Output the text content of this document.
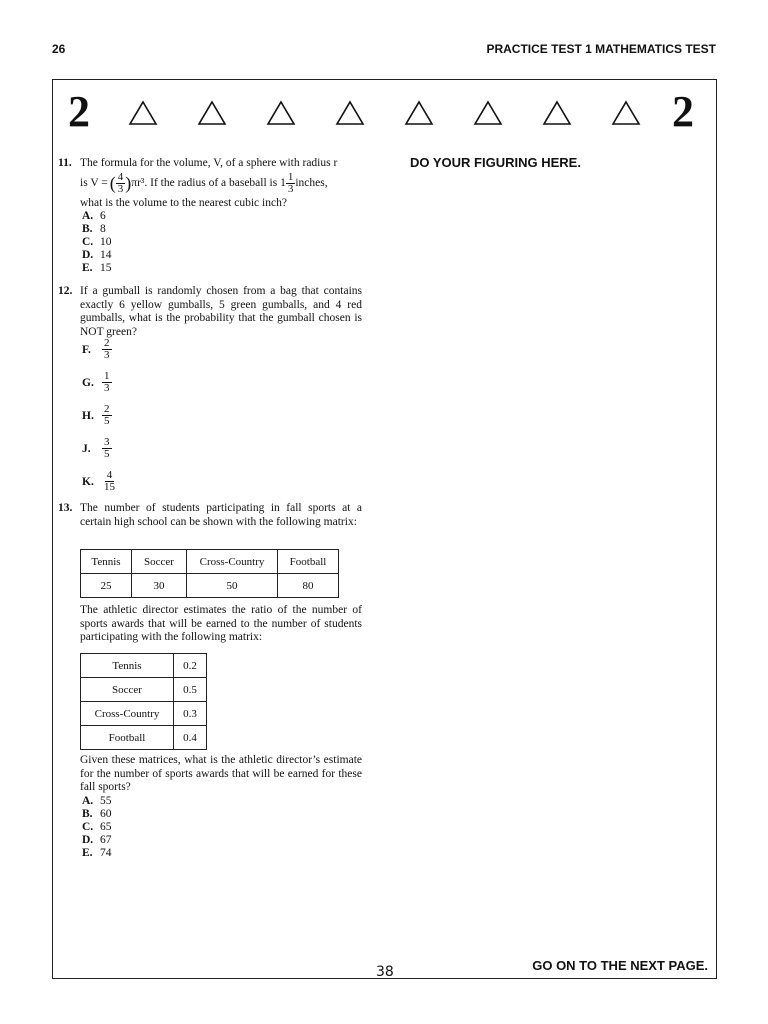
26	PRACTICE TEST 1 MATHEMATICS TEST
2	2
DO YOUR FIGURING HERE.
11. The formula for the volume, V, of a sphere with radius r
is V = ( $\frac{4}{3}$ ) πr³. If the radius of a baseball is $1 \frac{1}{3}$ inches,
what is the volume to the nearest cubic inch?
A. 6
B. 8
C. 10
D. 14
E. 15
12. If a gumball is randomly chosen from a bag that contains exactly 6 yellow gumballs, 5 green gumballs, and 4 red gumballs, what is the probability that the gumball chosen is NOT green?
F.	$\frac{2}{3}$
G. $\frac{1}{3}$
H. $\frac{2}{5}$
J.	$\frac{3}{5}$
K. $\frac{4}{15}$
13. The number of students participating in fall sports at a certain high school can be shown with the following matrix:
Tennis	Soccer	Cross-Country	Football
25	30	50	80
The athletic director estimates the ratio of the number of sports awards that will be earned to the number of students participating with the following matrix:
Tennis	0.2
Soccer	0.5
Cross-Country	0.3
Football	0.4
Given these matrices, what is the athletic director’s estimate for the number of sports awards that will be earned for these fall sports?
A. 55
B. 60
C. 65
D. 67
E. 74
GO ON TO THE NEXT PAGE.
38
